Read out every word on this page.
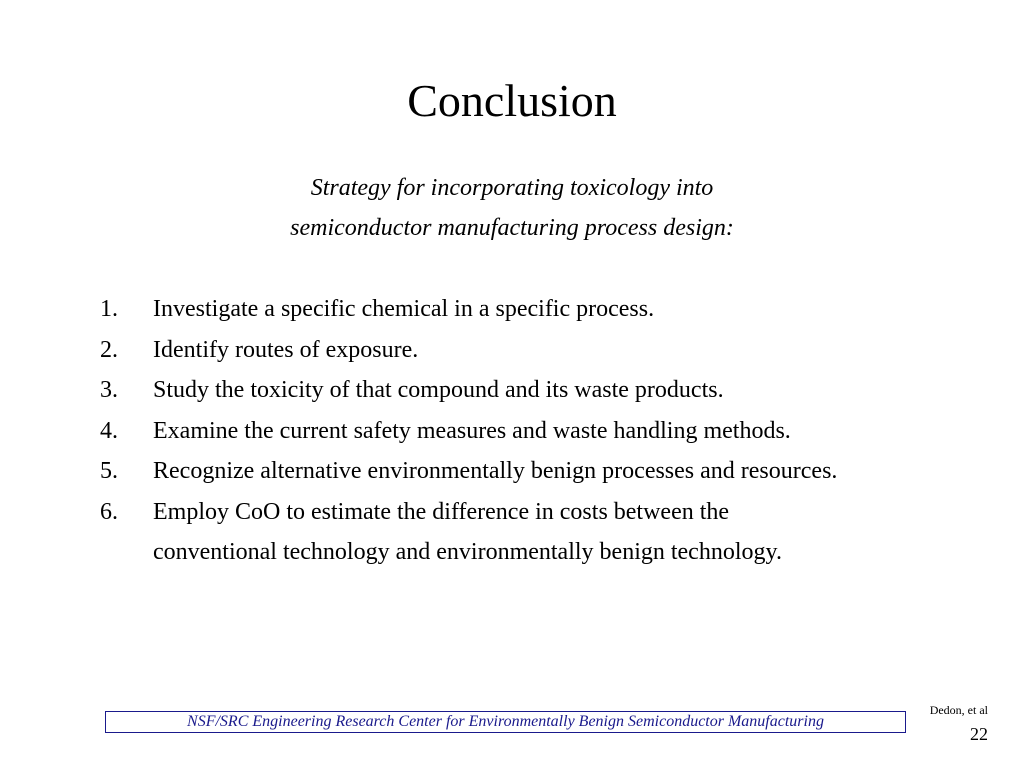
Conclusion
Strategy for incorporating toxicology into
semiconductor manufacturing process design:
1. Investigate a specific chemical in a specific process.
2. Identify routes of exposure.
3. Study the toxicity of that compound and its waste products.
4. Examine the current safety measures and waste handling methods.
5. Recognize alternative environmentally benign processes and resources.
6. Employ CoO to estimate the difference in costs between the conventional technology and environmentally benign technology.
NSF/SRC Engineering Research Center for Environmentally Benign Semiconductor Manufacturing
Dedon, et al
22
